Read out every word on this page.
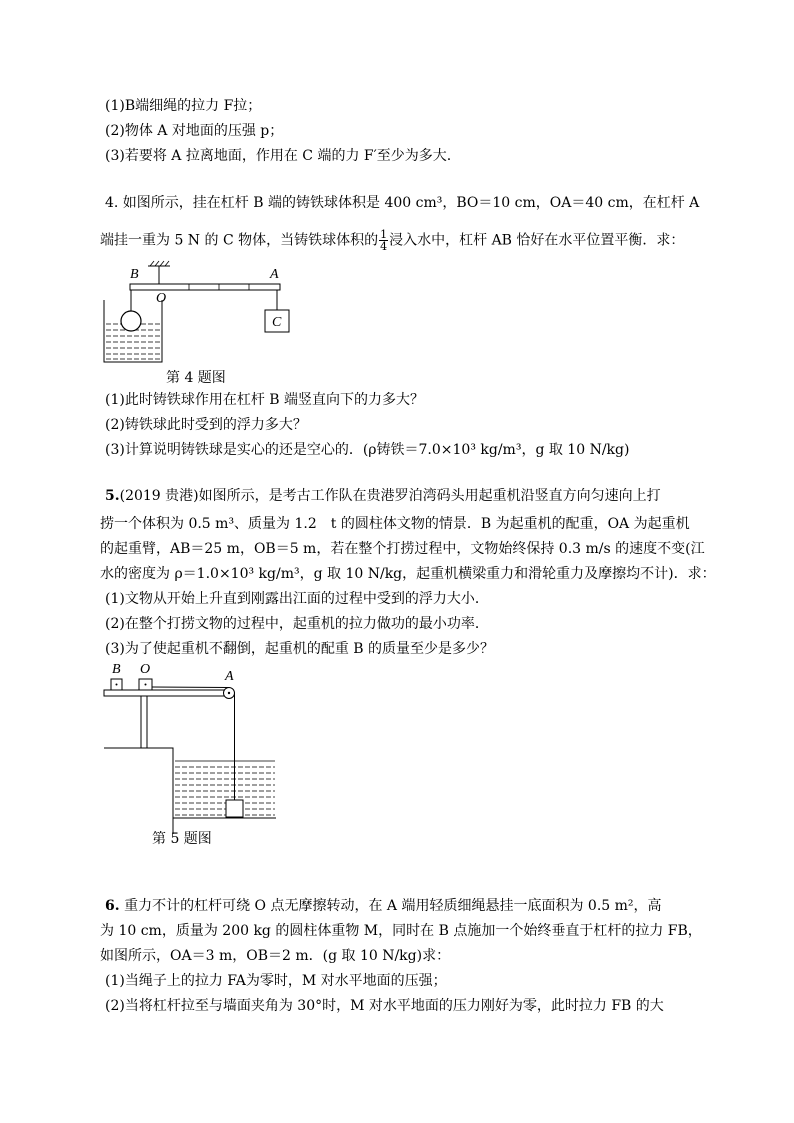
(1)B端细绳的拉力 F拉；
(2)物体 A 对地面的压强 p；
(3)若要将 A 拉离地面，作用在 C 端的力 F′至少为多大.
4. 如图所示，挂在杠杆 B 端的铸铁球体积是 400 cm³，BO＝10 cm，OA＝40 cm，在杠杆 A
端挂一重为 5 N 的 C 物体，当铸铁球体积的 $\frac{1}{4}$ 浸入水中，杠杆 AB 恰好在水平位置平衡．求：
B
O
A
C
第 4 题图
(1)此时铸铁球作用在杠杆 B 端竖直向下的力多大？
(2)铸铁球此时受到的浮力多大？
(3)计算说明铸铁球是实心的还是空心的．(ρ铸铁＝7.0×10³ kg/m³，g 取 10 N/kg)
5.(2019 贵港)如图所示，是考古工作队在贵港罗泊湾码头用起重机沿竖直方向匀速向上打
捞一个体积为 0.5 m³、质量为 1.2　t 的圆柱体文物的情景．B 为起重机的配重，OA 为起重机
的起重臂，AB＝25 m，OB＝5 m，若在整个打捞过程中，文物始终保持 0.3 m/s 的速度不变(江
水的密度为 ρ＝1.0×10³ kg/m³，g 取 10 N/kg，起重机横梁重力和滑轮重力及摩擦均不计)．求：
(1)文物从开始上升直到刚露出江面的过程中受到的浮力大小．
(2)在整个打捞文物的过程中，起重机的拉力做功的最小功率．
(3)为了使起重机不翻倒，起重机的配重 B 的质量至少是多少？
B O	A
第 5 题图
6. 重力不计的杠杆可绕 O 点无摩擦转动，在 A 端用轻质细绳悬挂一底面积为 0.5 m²，高
为 10 cm，质量为 200 kg 的圆柱体重物 M，同时在 B 点施加一个始终垂直于杠杆的拉力 FB，
如图所示，OA＝3 m，OB＝2 m．(g 取 10 N/kg)求：
(1)当绳子上的拉力 FA为零时，M 对水平地面的压强；
(2)当将杠杆拉至与墙面夹角为 30°时，M 对水平地面的压力刚好为零，此时拉力 FB 的大
